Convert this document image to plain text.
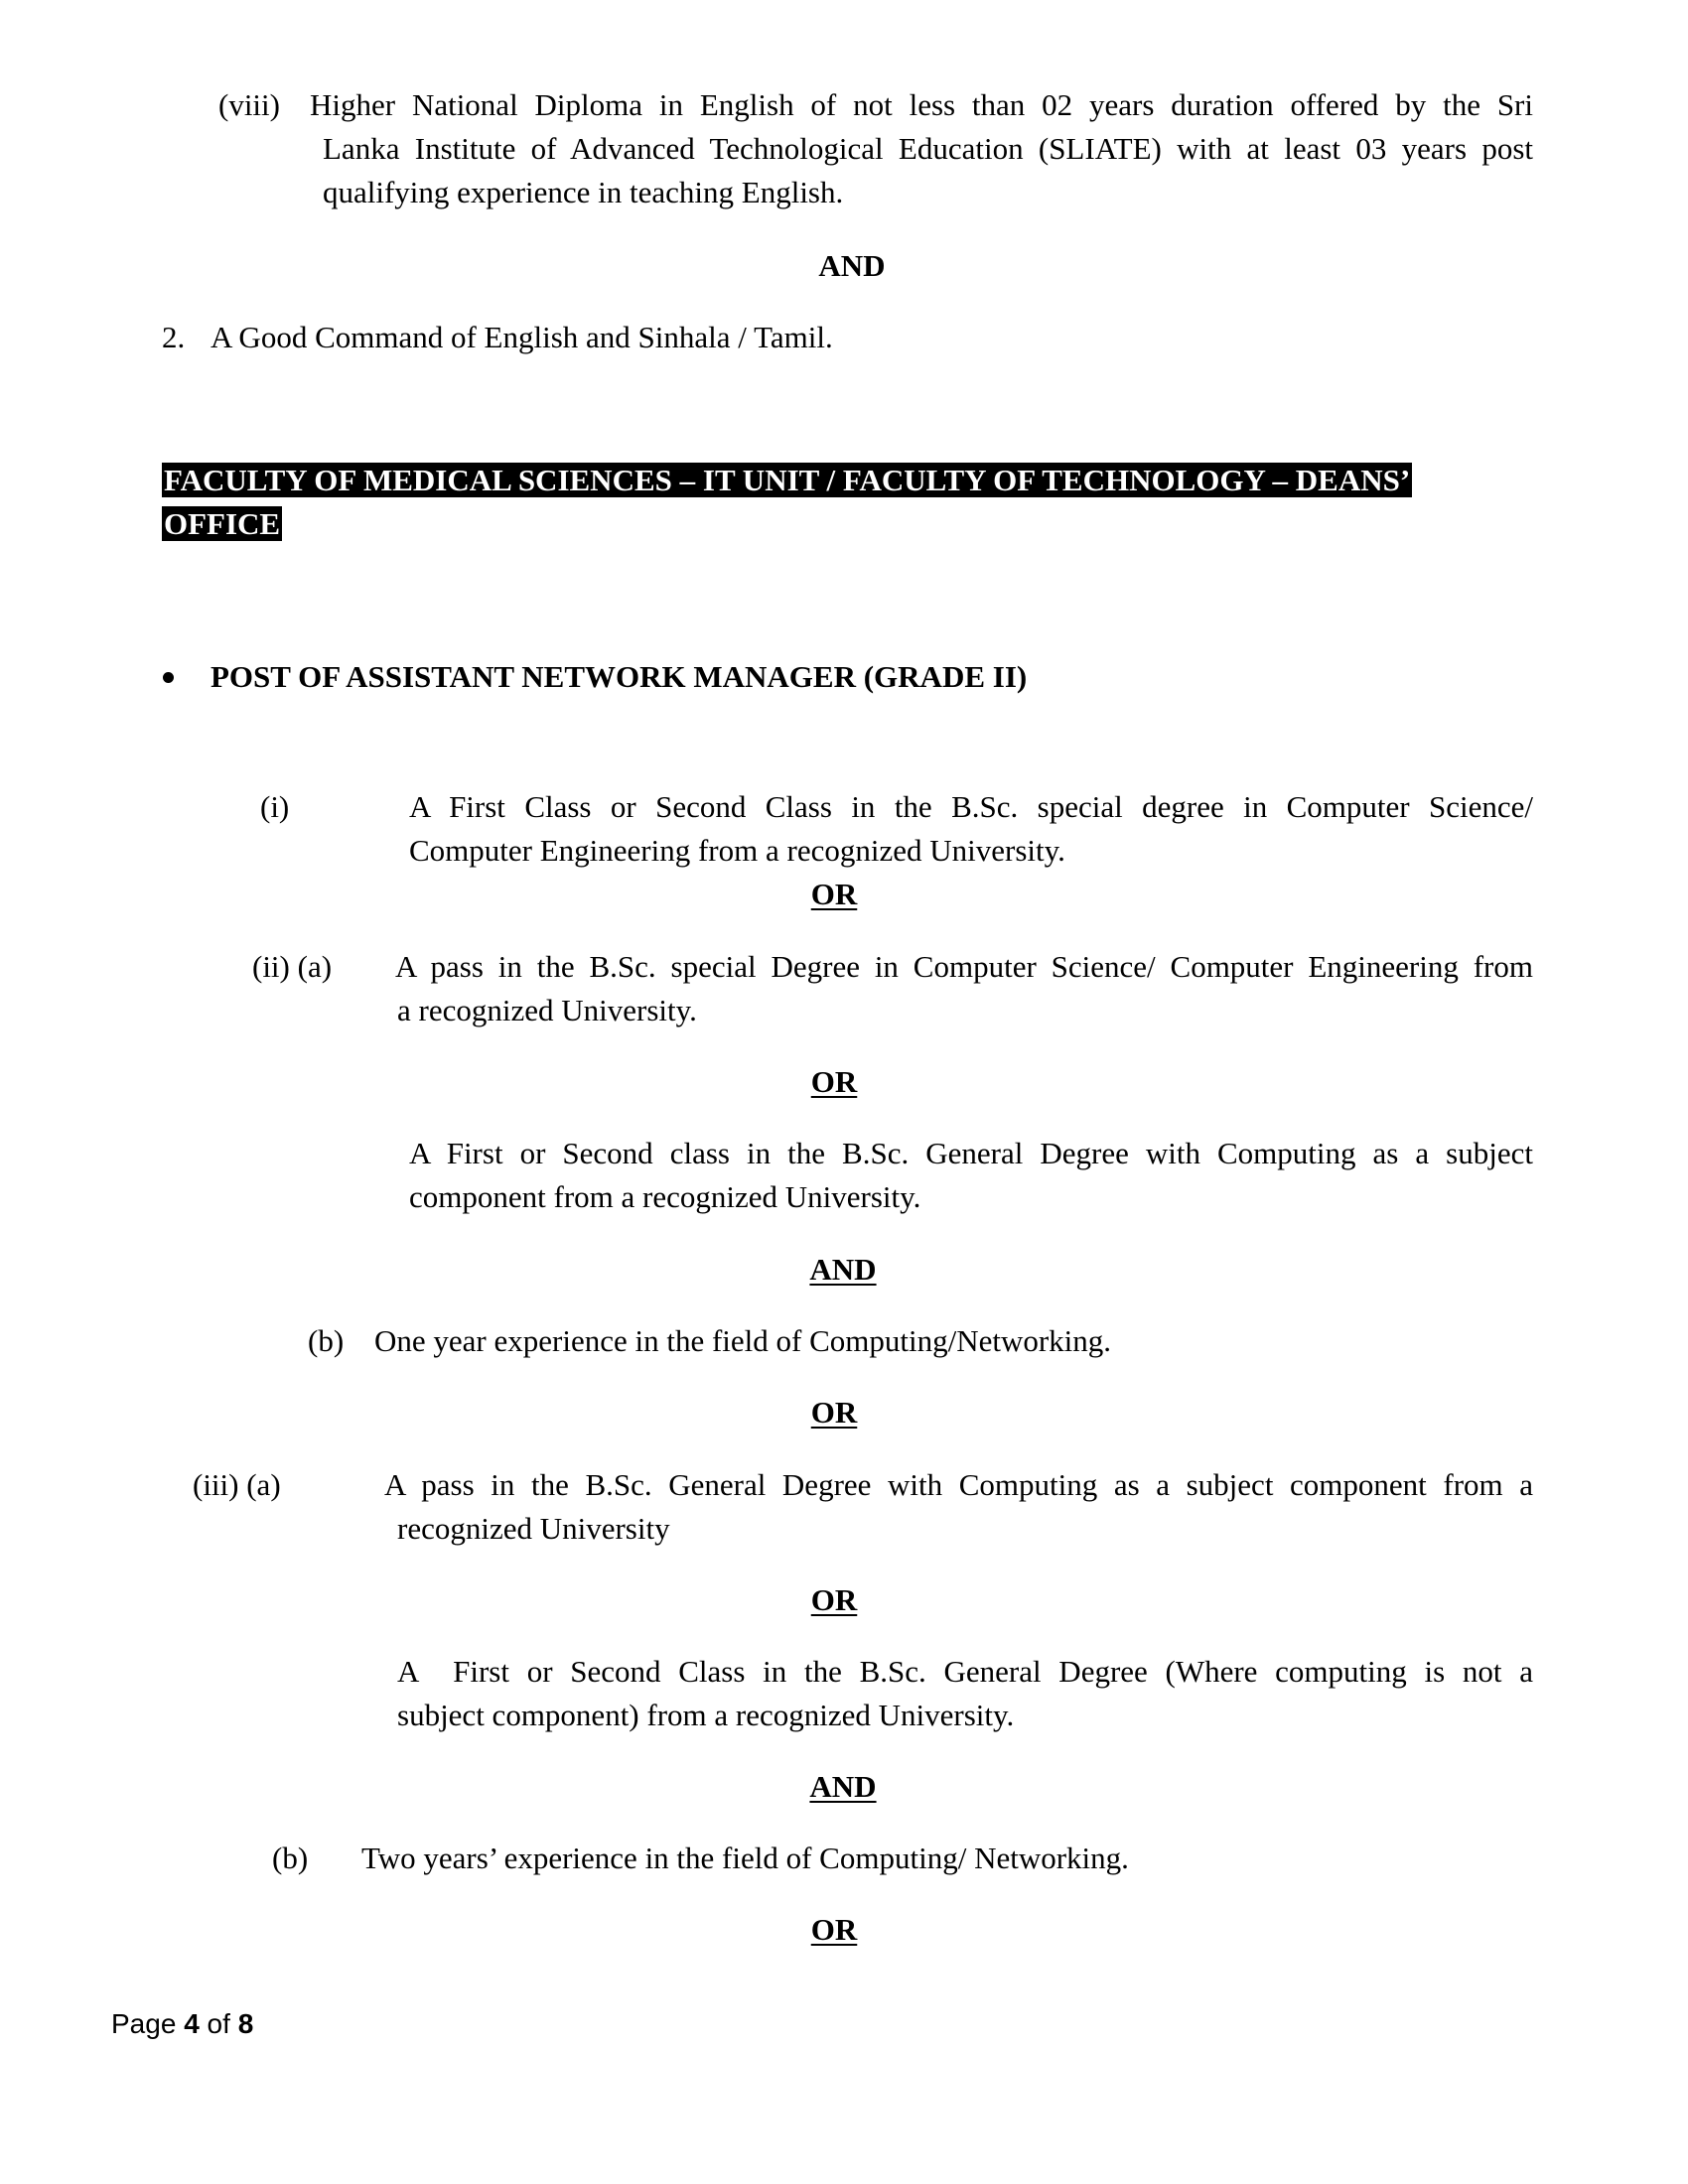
(viii) Higher National Diploma in English of not less than 02 years duration offered by the Sri
Lanka Institute of Advanced Technological Education (SLIATE) with at least 03 years post
qualifying experience in teaching English.
AND
2. A Good Command of English and Sinhala / Tamil.
FACULTY OF MEDICAL SCIENCES – IT UNIT / FACULTY OF TECHNOLOGY – DEANS’
OFFICE
POST OF ASSISTANT NETWORK MANAGER (GRADE II)
(i)	A First Class or Second Class in the B.Sc. special degree in Computer Science/
Computer Engineering from a recognized University.
OR
(ii) (a) A pass in the B.Sc. special Degree in Computer Science/ Computer Engineering from
a recognized University.
OR
A First or Second class in the B.Sc. General Degree with Computing as a subject
component from a recognized University.
AND
(b) One year experience in the field of Computing/Networking.
OR
(iii) (a)	A pass in the B.Sc. General Degree with Computing as a subject component from a
recognized University
OR
A  First or Second Class in the B.Sc. General Degree (Where computing is not a
subject component) from a recognized University.
AND
(b) Two years’ experience in the field of Computing/ Networking.
OR
Page 4 of 8
